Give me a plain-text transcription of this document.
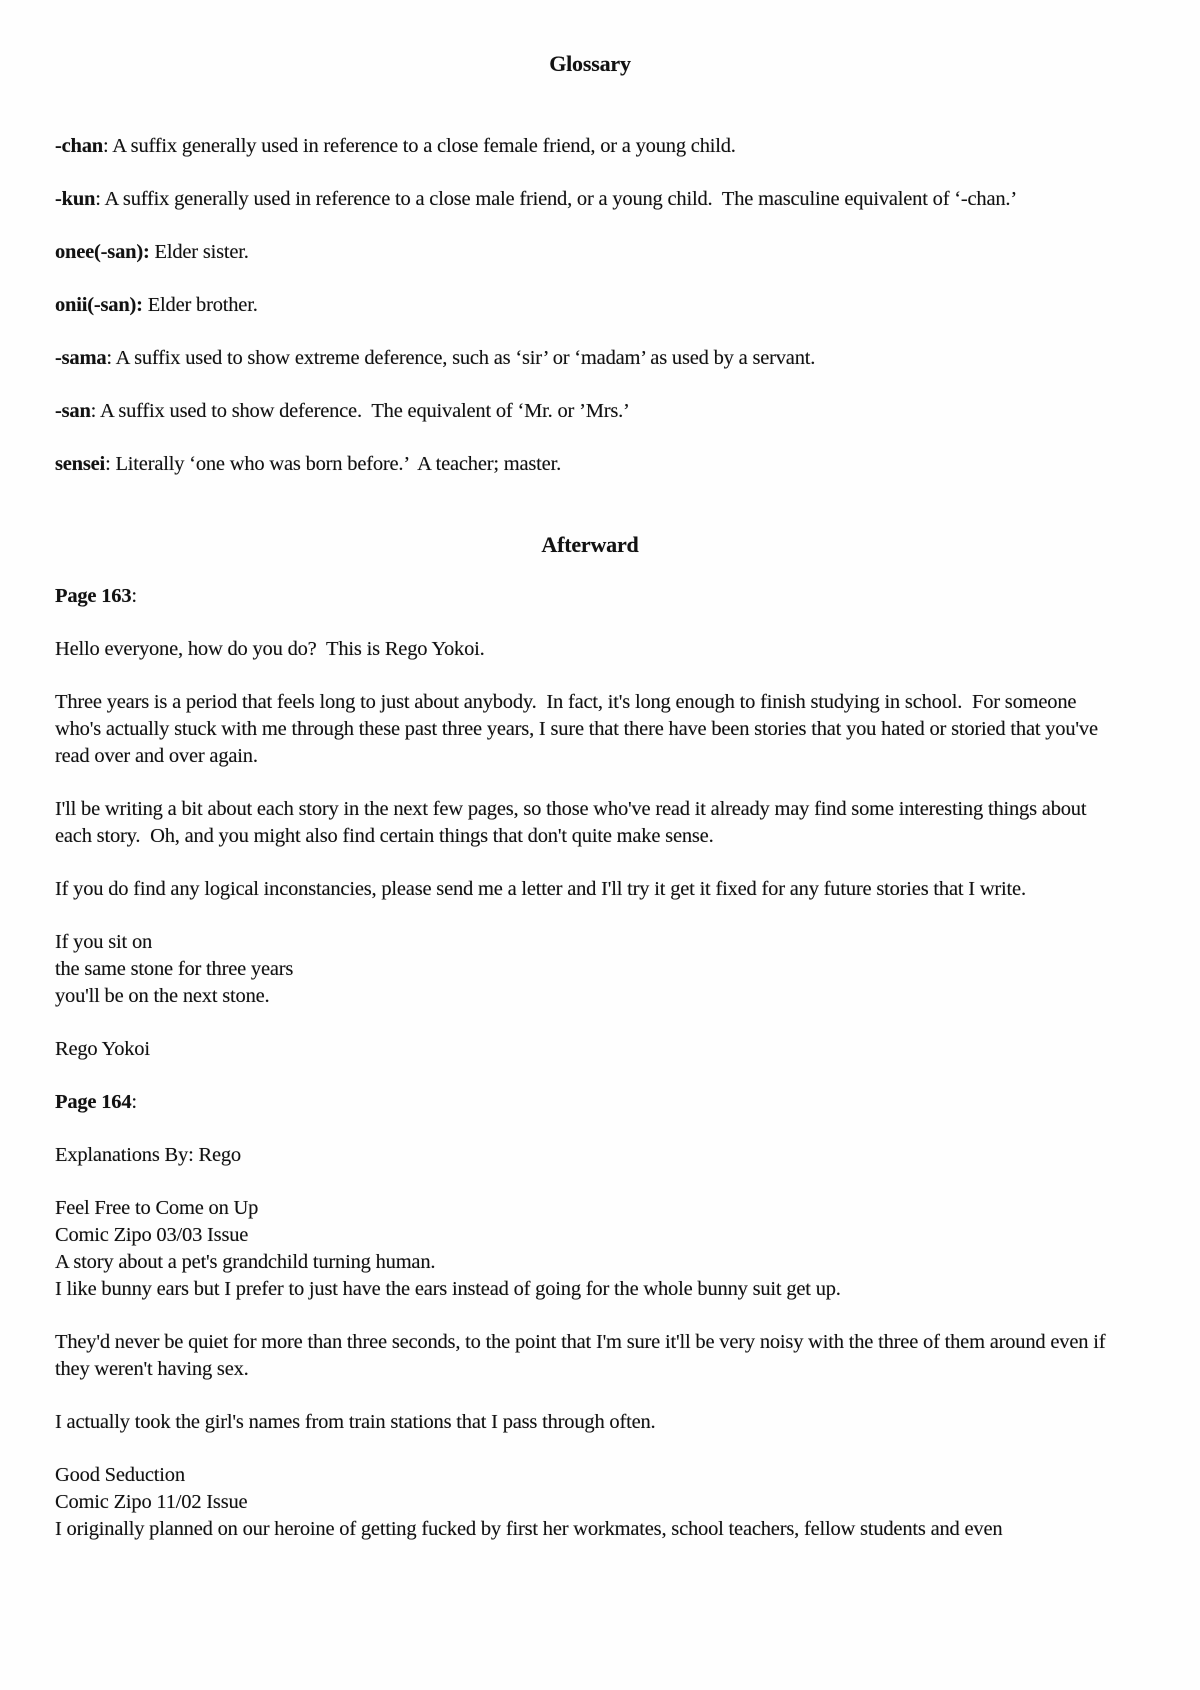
Glossary

-chan: A suffix generally used in reference to a close female friend, or a young child.

-kun: A suffix generally used in reference to a close male friend, or a young child.  The masculine equivalent of ‘-chan.’

onee(-san): Elder sister.

onii(-san): Elder brother.

-sama: A suffix used to show extreme deference, such as ‘sir’ or ‘madam’ as used by a servant.

-san: A suffix used to show deference.  The equivalent of ‘Mr. or ’Mrs.’

sensei: Literally ‘one who was born before.’  A teacher; master.

Afterward

Page 163:

Hello everyone, how do you do?  This is Rego Yokoi.

Three years is a period that feels long to just about anybody.  In fact, it's long enough to finish studying in school.  For someone who's actually stuck with me through these past three years, I sure that there have been stories that you hated or storied that you've read over and over again.

I'll be writing a bit about each story in the next few pages, so those who've read it already may find some interesting things about each story.  Oh, and you might also find certain things that don't quite make sense.

If you do find any logical inconstancies, please send me a letter and I'll try it get it fixed for any future stories that I write.

If you sit on
the same stone for three years
you'll be on the next stone.

Rego Yokoi

Page 164:

Explanations By: Rego

Feel Free to Come on Up
Comic Zipo 03/03 Issue
A story about a pet's grandchild turning human.
I like bunny ears but I prefer to just have the ears instead of going for the whole bunny suit get up.

They'd never be quiet for more than three seconds, to the point that I'm sure it'll be very noisy with the three of them around even if they weren't having sex.

I actually took the girl's names from train stations that I pass through often.

Good Seduction
Comic Zipo 11/02 Issue
I originally planned on our heroine of getting fucked by first her workmates, school teachers, fellow students and even
